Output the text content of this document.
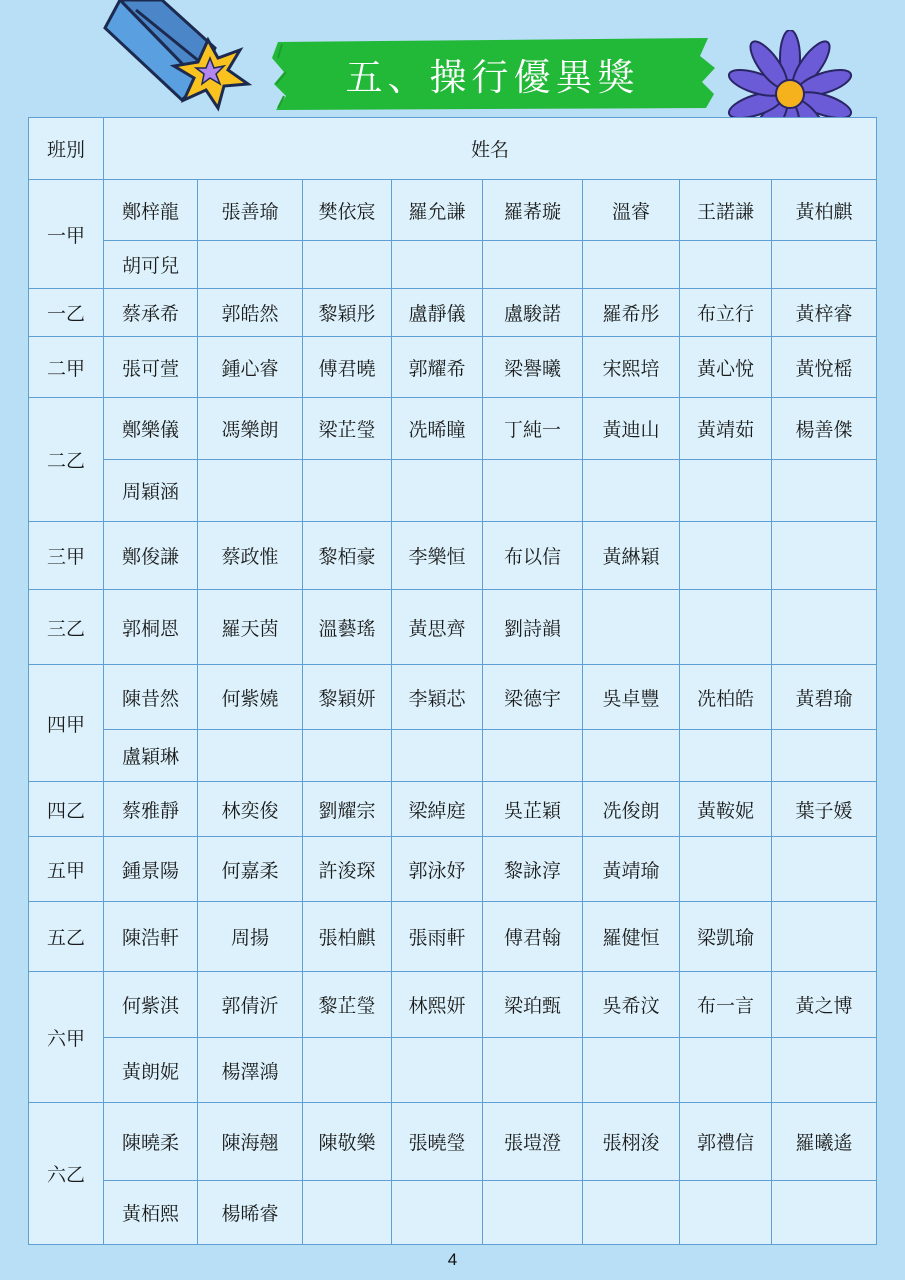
五、操行優異獎
班別	姓名							
一甲	鄭梓龍	張善瑜	樊依宸	羅允謙	羅莃璇	溫睿	王諾謙	黃柏麒
	胡可兒							
一乙	蔡承希	郭皓然	黎穎彤	盧靜儀	盧駿諾	羅希彤	布立行	黃梓睿
二甲	張可萱	鍾心睿	傅君曉	郭耀希	梁譽曦	宋熙培	黃心悅	黃悅榣
二乙	鄭樂儀	馮樂朗	梁芷瑩	冼晞瞳	丁純一	黃迪山	黃靖茹	楊善傑
	周穎涵							
三甲	鄭俊謙	蔡政惟	黎栢豪	李樂恒	布以信	黃綝穎		
三乙	郭桐恩	羅天茵	溫藝瑤	黃思齊	劉詩韻			
四甲	陳昔然	何紫嬈	黎穎妍	李穎芯	梁德宇	吳卓豐	冼柏皓	黃碧瑜
	盧穎琳							
四乙	蔡雅靜	林奕俊	劉耀宗	梁綽庭	吳芷穎	冼俊朗	黃鞍妮	葉子媛
五甲	鍾景陽	何嘉柔	許浚琛	郭泳妤	黎詠淳	黃靖瑜		
五乙	陳浩軒	周揚	張柏麒	張雨軒	傅君翰	羅健恒	梁凱瑜	
六甲	何紫淇	郭倩沂	黎芷瑩	林熙妍	梁珀甄	吳希汶	布一言	黃之博
	黃朗妮	楊澤鴻						
六乙	陳曉柔	陳海翹	陳敬樂	張曉瑩	張塏澄	張栩浚	郭禮信	羅曦遙
	黃栢熙	楊晞睿						
4
